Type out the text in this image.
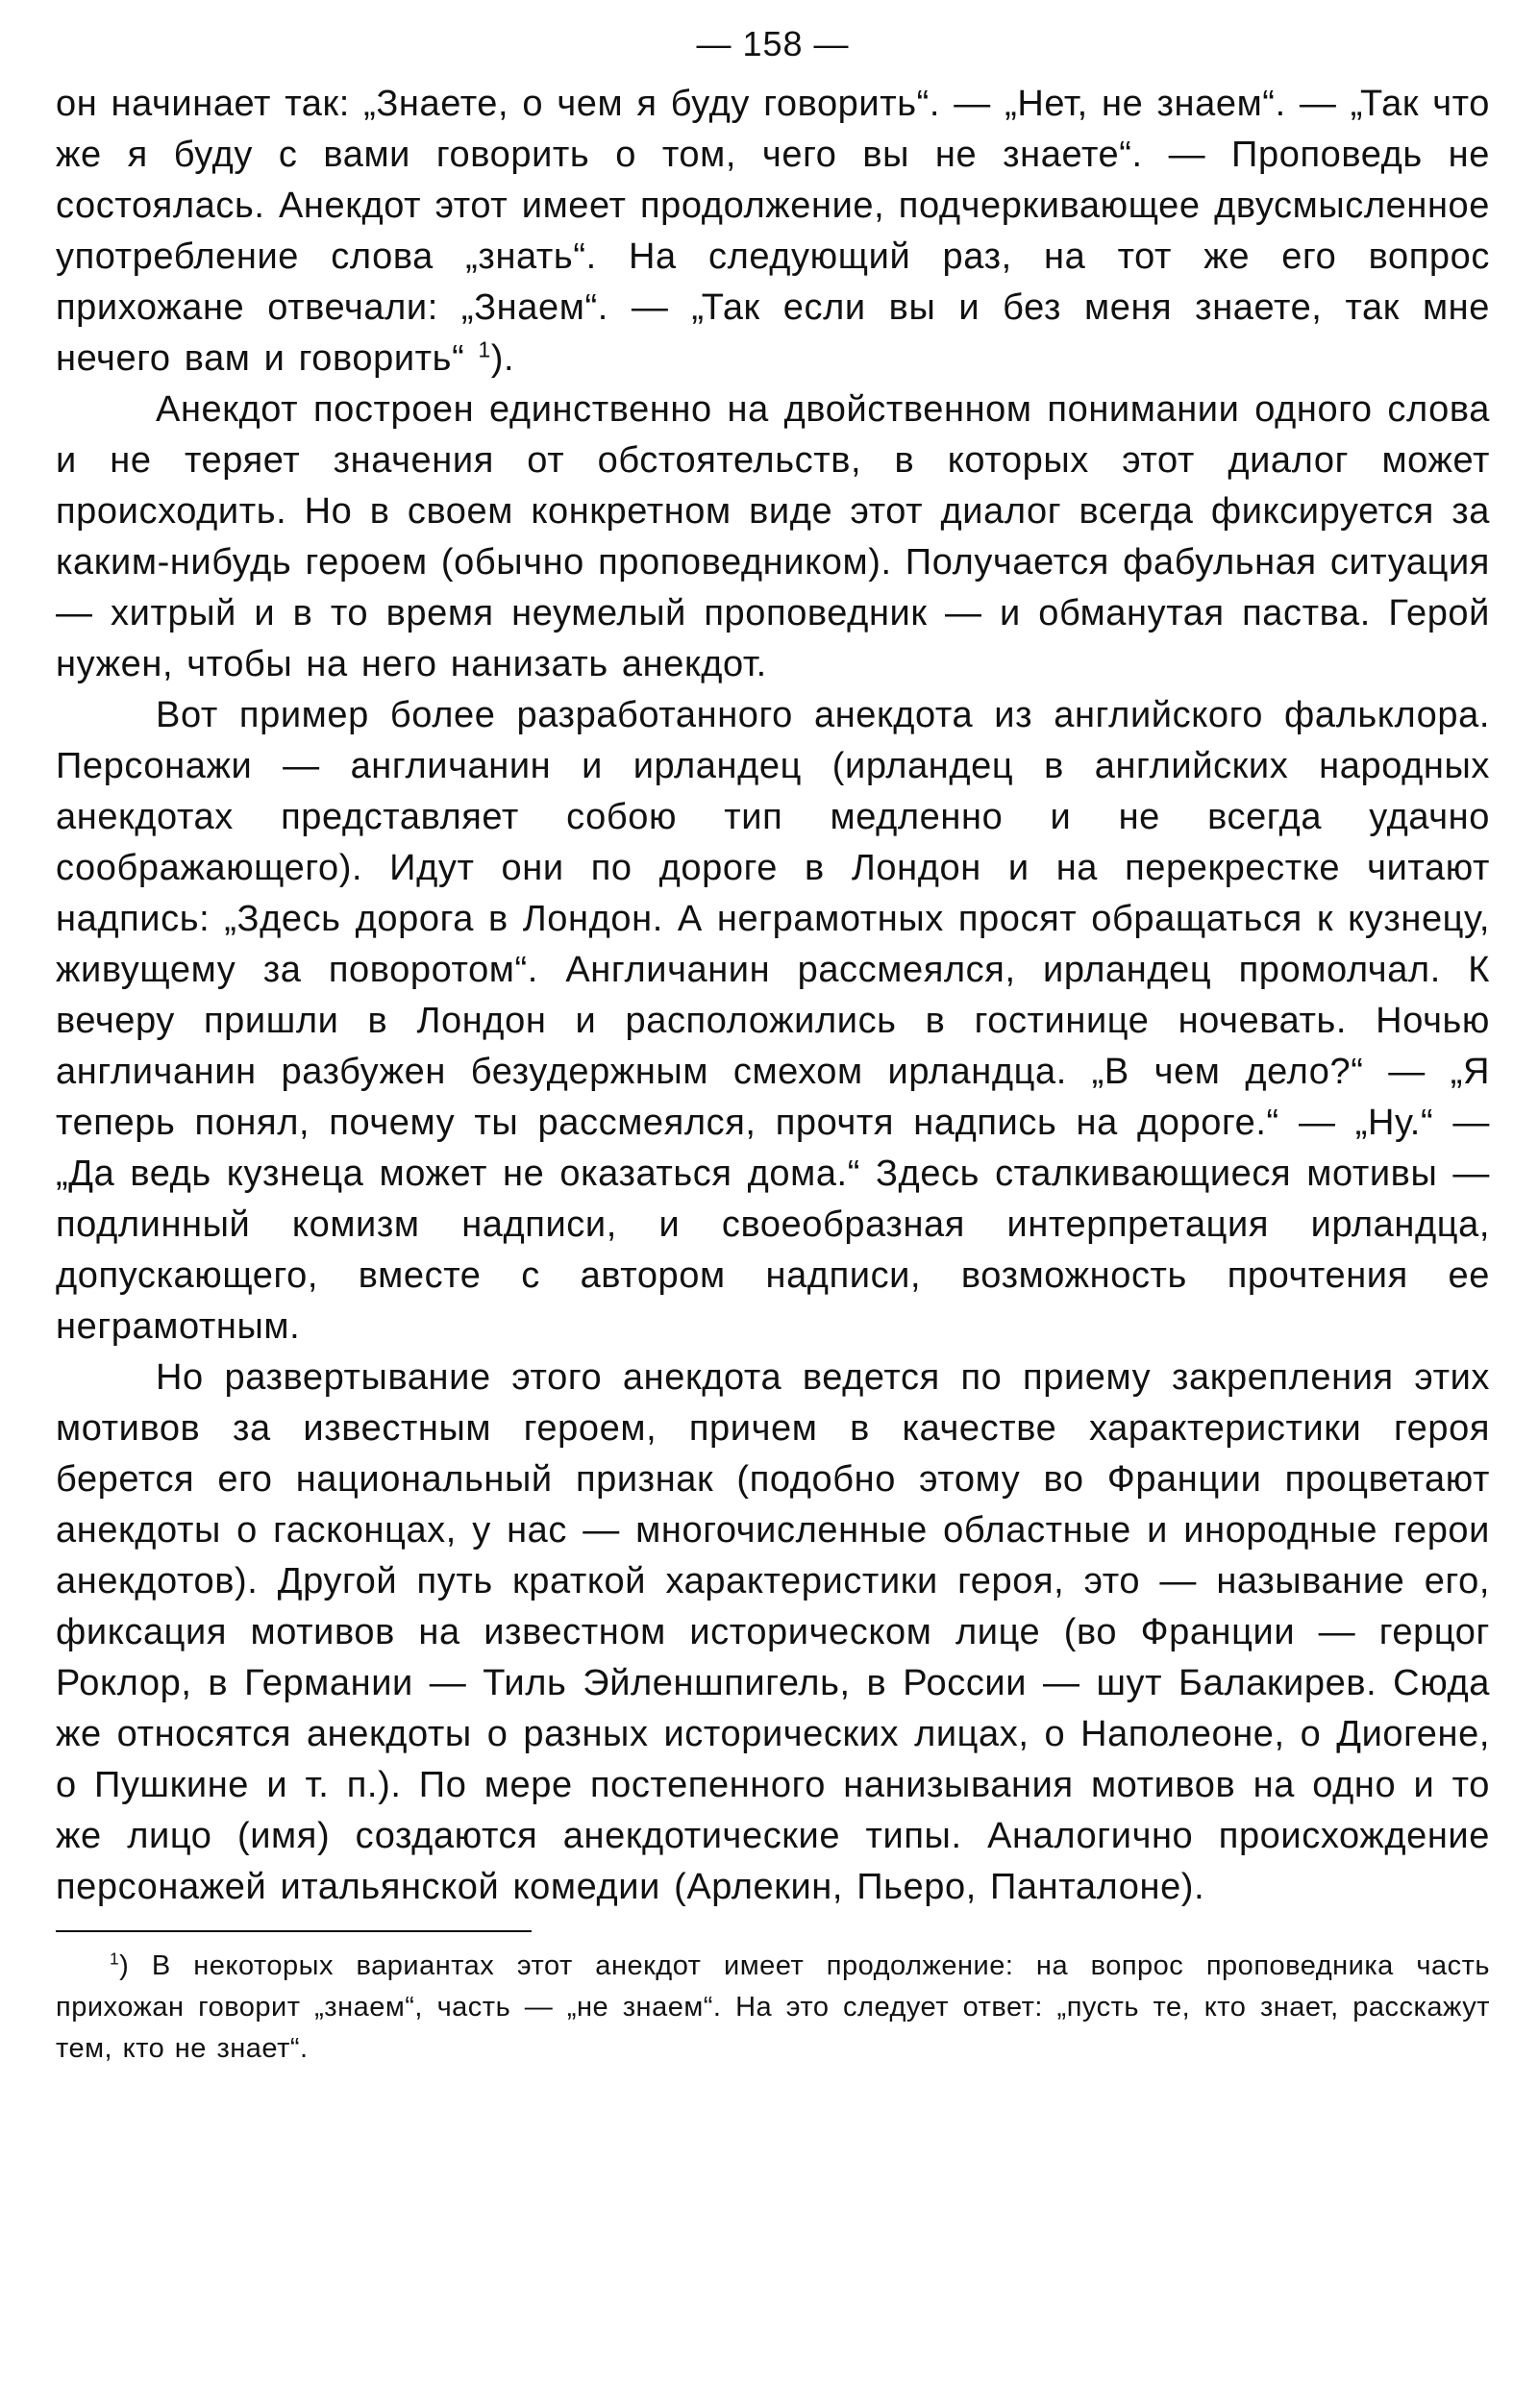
— 158 —

он начинает так: „Знаете, о чем я буду говорить“. — „Нет, не знаем“. — „Так что же я буду с вами говорить о том, чего вы не знаете“. — Проповедь не состоялась. Анекдот этот имеет продолжение, подчеркивающее двусмысленное употребление слова „знать“. На следующий раз, на тот же его вопрос прихожане отвечали: „Знаем“. — „Так если вы и без меня знаете, так мне нечего вам и говорить“ $^1$).

Анекдот построен единственно на двойственном понимании одного слова и не теряет значения от обстоятельств, в которых этот диалог может происходить. Но в своем конкретном виде этот диалог всегда фиксируется за каким-нибудь героем (обычно проповедником). Получается фабульная ситуация — хитрый и в то время неумелый проповедник — и обманутая паства. Герой нужен, чтобы на него нанизать анекдот.

Вот пример более разработанного анекдота из английского фальклора. Персонажи — англичанин и ирландец (ирландец в английских народных анекдотах представляет собою тип медленно и не всегда удачно соображающего). Идут они по дороге в Лондон и на перекрестке читают надпись: „Здесь дорога в Лондон. А неграмотных просят обращаться к кузнецу, живущему за поворотом“. Англичанин рассмеялся, ирландец промолчал. К вечеру пришли в Лондон и расположились в гостинице ночевать. Ночью англичанин разбужен безудержным смехом ирландца. „В чем дело?“ — „Я теперь понял, почему ты рассмеялся, прочтя надпись на дороге.“ — „Ну.“ — „Да ведь кузнеца может не оказаться дома.“ Здесь сталкивающиеся мотивы — подлинный комизм надписи, и своеобразная интерпретация ирландца, допускающего, вместе с автором надписи, возможность прочтения ее неграмотным.

Но развертывание этого анекдота ведется по приему закрепления этих мотивов за известным героем, причем в качестве характеристики героя берется его национальный признак (подобно этому во Франции процветают анекдоты о гасконцах, у нас — многочисленные областные и инородные герои анекдотов). Другой путь краткой характеристики героя, это — называние его, фиксация мотивов на известном историческом лице (во Франции — герцог Роклор, в Германии — Тиль Эйленшпигель, в России — шут Балакирев. Сюда же относятся анекдоты о разных исторических лицах, о Наполеоне, о Диогене, о Пушкине и т. п.). По мере постепенного нанизывания мотивов на одно и то же лицо (имя) создаются анекдотические типы. Аналогично происхождение персонажей итальянской комедии (Арлекин, Пьеро, Панталоне).

$^1$) В некоторых вариантах этот анекдот имеет продолжение: на вопрос проповедника часть прихожан говорит „знаем“, часть — „не знаем“. На это следует ответ: „пусть те, кто знает, расскажут тем, кто не знает“.
